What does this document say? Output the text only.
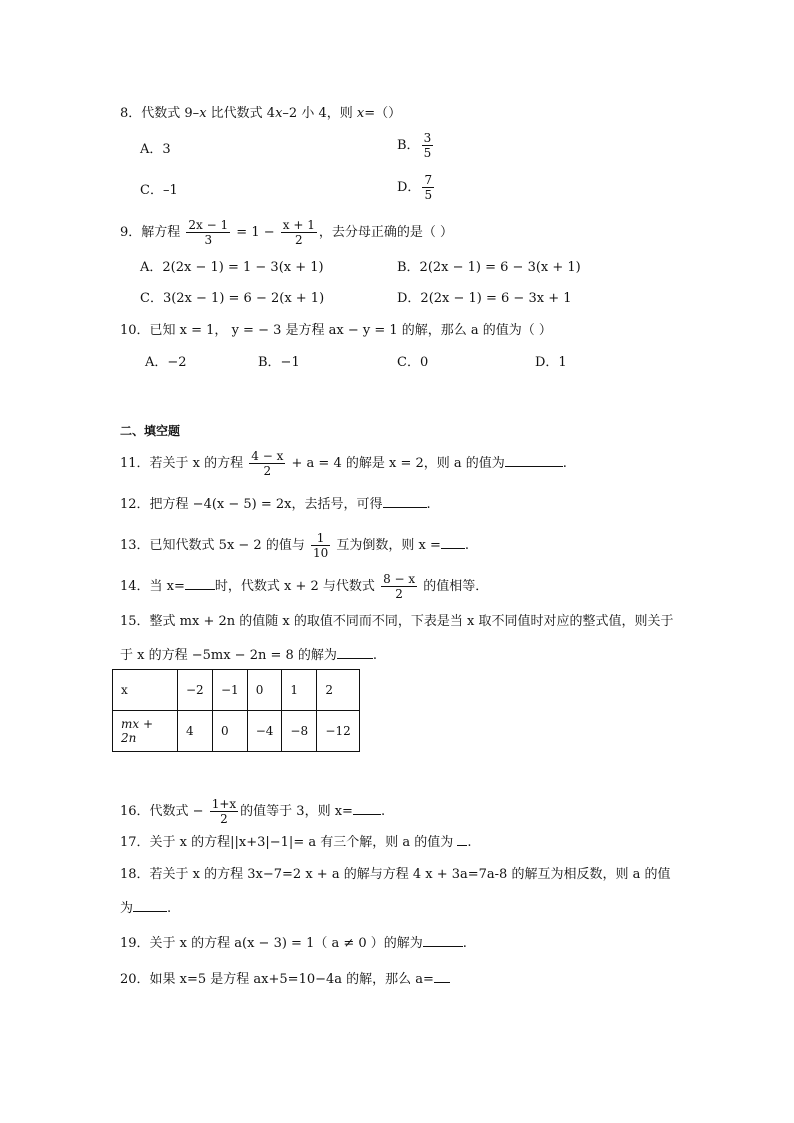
8．代数式 9–x 比代数式 4x–2 小 4，则 x=（）
A．3	B． $\frac{3}{5}$
C．–1	D． $\frac{7}{5}$
9．解方程 $\frac{2x - 1}{3} = 1 - \frac{x + 1}{2}$ ，去分母正确的是（ ）
A．2(2x − 1) = 1 − 3(x + 1)	B．2(2x − 1) = 6 − 3(x + 1)
C．3(2x − 1) = 6 − 2(x + 1)	D．2(2x − 1) = 6 − 3x + 1
10．已知 x = 1， y = − 3 是方程 ax − y = 1 的解，那么 a 的值为（ ）
A．−2	B．−1	C．0	D．1
二、填空题
11．若关于 x 的方程 $\frac{4 - x}{2} + a = 4$ 的解是 x = 2，则 a 的值为	.
12．把方程 −4(x − 5) = 2x，去括号，可得	.
13．已知代数式 5x − 2 的值与 $\frac{1}{10}$ 互为倒数，则 x = .
14．当 x= 时，代数式 x + 2 与代数式 $\frac{8 - x}{2}$ 的值相等．
15．整式 mx + 2n 的值随 x 的取值不同而不同，下表是当 x 取不同值时对应的整式值，则关于
于 x 的方程 −5mx − 2n = 8 的解为	.
x	−2	−1	0	1	2
mx + 2n	4	0	−4	−8	−12
16．代数式 − $\frac{1+x}{2}$ 的值等于 3，则 x= .
17．关于 x 的方程||x+3|−1|= a 有三个解，则 a 的值为 .
18．若关于 x 的方程 3x−7=2 x + a 的解与方程 4 x + 3a=7a-8 的解互为相反数，则 a 的值
为	.
19．关于 x 的方程 a(x − 3) = 1（ a ≠ 0 ）的解为	.
20．如果 x=5 是方程 ax+5=10−4a 的解，那么 a=
